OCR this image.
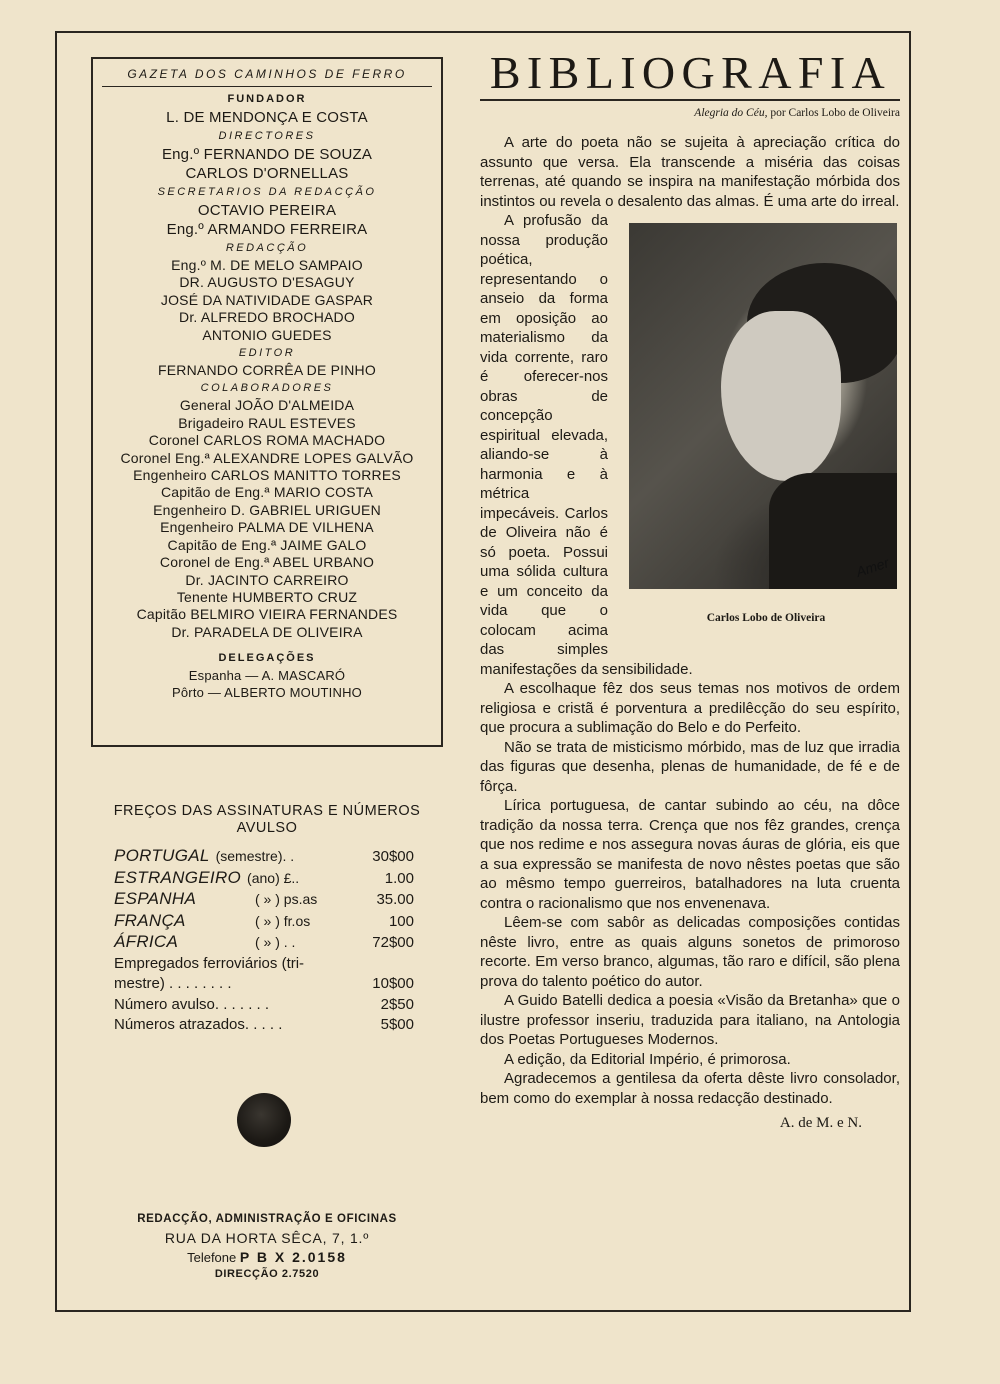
GAZETA DOS CAMINHOS DE FERRO
FUNDADOR
L. DE MENDONÇA E COSTA
DIRECTORES
Eng.º FERNANDO DE SOUZA
CARLOS D'ORNELLAS
SECRETARIOS DA REDACÇÃO
OCTAVIO PEREIRA
Eng.º ARMANDO FERREIRA
REDACÇÃO
Eng.º M. DE MELO SAMPAIO
DR. AUGUSTO D'ESAGUY
JOSÉ DA NATIVIDADE GASPAR
Dr. ALFREDO BROCHADO
ANTONIO GUEDES
EDITOR
FERNANDO CORRÊA DE PINHO
COLABORADORES
General JOÃO D'ALMEIDA
Brigadeiro RAUL ESTEVES
Coronel CARLOS ROMA MACHADO
Coronel Eng.ª ALEXANDRE LOPES GALVÃO
Engenheiro CARLOS MANITTO TORRES
Capitão de Eng.ª MARIO COSTA
Engenheiro D. GABRIEL URIGUEN
Engenheiro PALMA DE VILHENA
Capitão de Eng.ª JAIME GALO
Coronel de Eng.ª ABEL URBANO
Dr. JACINTO CARREIRO
Tenente HUMBERTO CRUZ
Capitão BELMIRO VIEIRA FERNANDES
Dr. PARADELA DE OLIVEIRA
DELEGAÇÕES
Espanha — A. MASCARÓ
Pôrto — ALBERTO MOUTINHO
FREÇOS DAS ASSINATURAS E NÚMEROS
AVULSO
PORTUGAL (semestre) . .	30$00
ESTRANGEIRO (ano) £. .	1.00
ESPANHA	( » ) ps.as	35.00
FRANÇA	( » ) fr.os	100
ÁFRICA	( » ) . .	72$00
Empregados ferroviários (tri-
mestre) . . . . . . . .	10$00
Número avulso. . . . . . .	2$50
Números atrazados. . . . .	5$00
REDACÇÃO, ADMINISTRAÇÃO E OFICINAS
RUA DA HORTA SÊCA, 7, 1.º
Telefone P B X 2.0158
DIRECÇÃO 2.7520
BIBLIOGRAFIA
Alegria do Céu, por Carlos Lobo de Oliveira

A arte do poeta não se sujeita à apreciação crítica do assunto que versa. Ela transcende a miséria das coisas terrenas, até quando se inspira na manifestação mórbida dos instintos ou revela o desalento das almas. É uma arte do irreal.

Amer
Carlos Lobo de Oliveira

A profusão da nossa produção poética, representando o anseio da forma em oposição ao materialismo da vida corrente, raro é oferecer-nos obras de concepção espiritual elevada, aliando-se à harmonia e à métrica impecáveis. Carlos de Oliveira não é só poeta. Possui uma sólida cultura e um conceito da vida que o colocam acima das simples manifestações da sensibilidade.

A escolhaque fêz dos seus temas nos motivos de ordem religiosa e cristã é porventura a predilêcção do seu espírito, que procura a sublimação do Belo e do Perfeito.

Não se trata de misticismo mórbido, mas de luz que irradia das figuras que desenha, plenas de humanidade, de fé e de fôrça.

Lírica portuguesa, de cantar subindo ao céu, na dôce tradição da nossa terra. Crença que nos fêz grandes, crença que nos redime e nos assegura novas áuras de glória, eis que a sua expressão se manifesta de novo nêstes poetas que são ao mêsmo tempo guerreiros, batalhadores na luta cruenta contra o racionalismo que nos envenenava.

Lêem-se com sabôr as delicadas composições contidas nêste livro, entre as quais alguns sonetos de primoroso recorte. Em verso branco, algumas, tão raro e difícil, são plena prova do talento poético do autor.

A Guido Batelli dedica a poesia «Visão da Bretanha» que o ilustre professor inseriu, traduzida para italiano, na Antologia dos Poetas Portugueses Modernos.

A edição, da Editorial Império, é primorosa.

Agradecemos a gentilesa da oferta dêste livro consolador, bem como do exemplar à nossa redacção destinado.

A. de M. e N.
